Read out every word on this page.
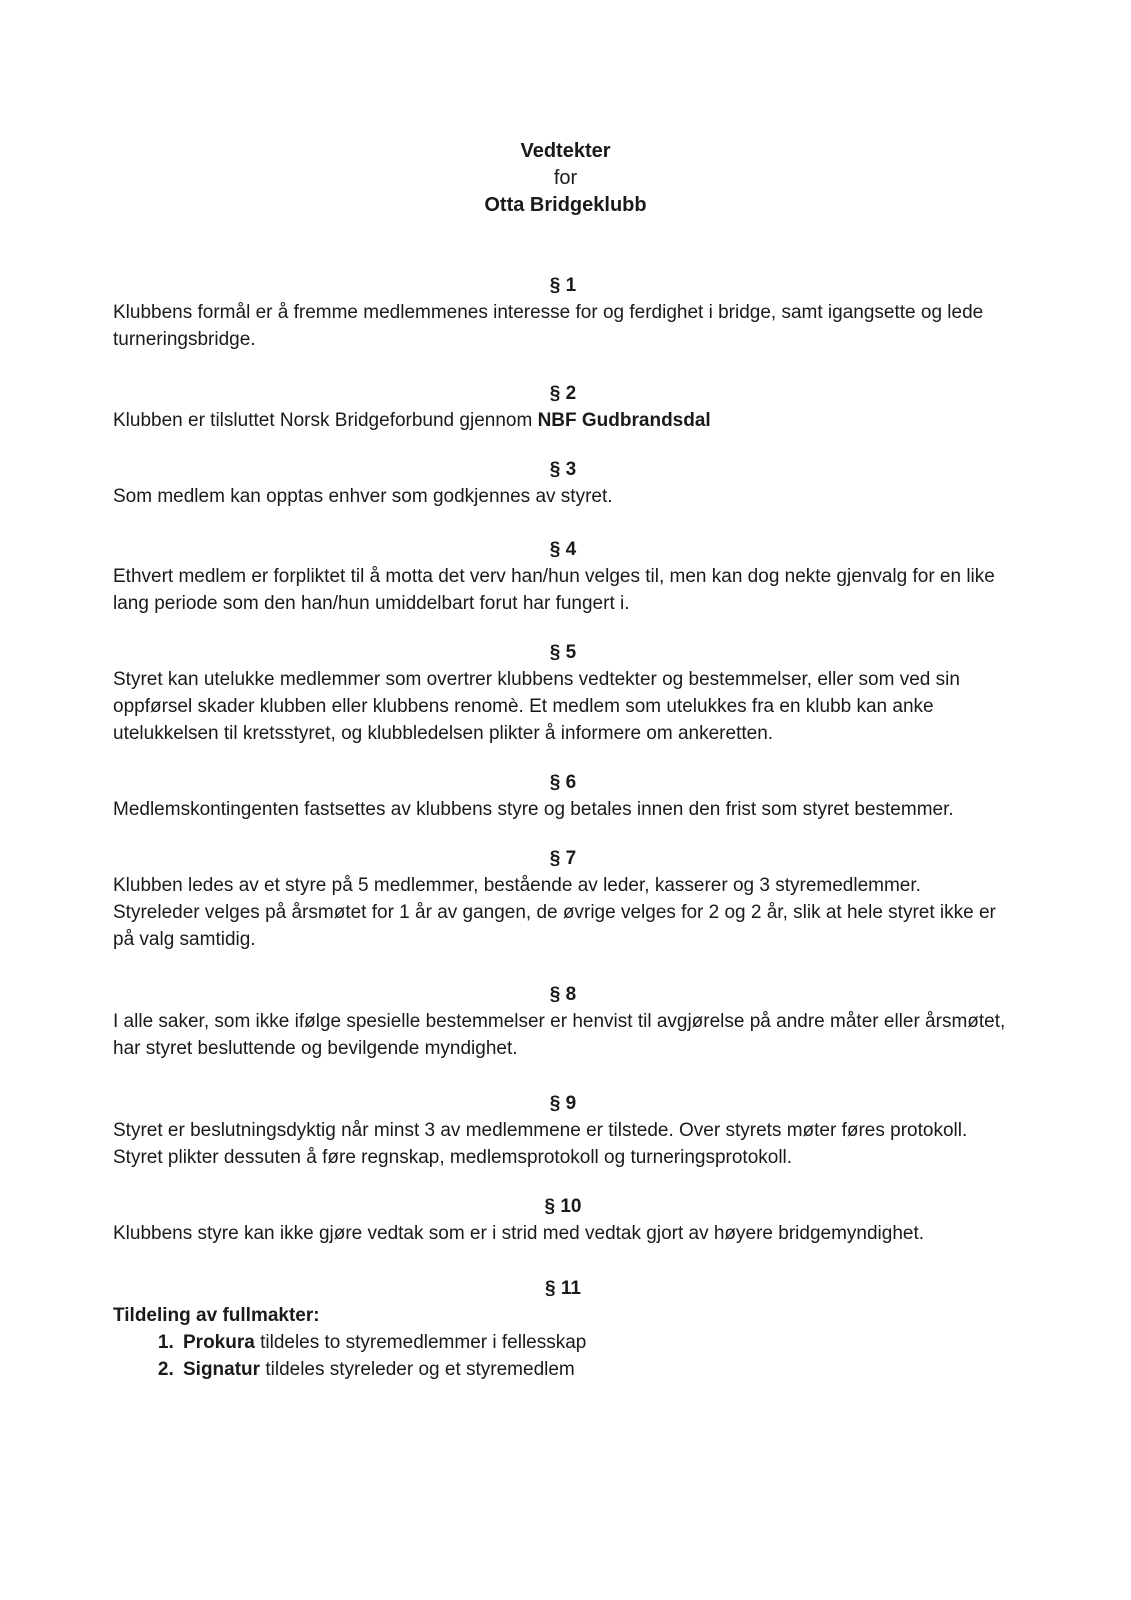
Vedtekter
for
Otta Bridgeklubb

§ 1

Klubbens formål er å fremme medlemmenes interesse for og ferdighet i bridge, samt igangsette og lede turneringsbridge.

§ 2

Klubben er tilsluttet Norsk Bridgeforbund gjennom NBF Gudbrandsdal

§ 3

Som medlem kan opptas enhver som godkjennes av styret.

§ 4

Ethvert medlem er forpliktet til å motta det verv han/hun velges til, men kan dog nekte gjenvalg for en like lang periode som den han/hun umiddelbart forut har fungert i.

§ 5

Styret kan utelukke medlemmer som overtrer klubbens vedtekter og bestemmelser, eller som ved sin oppførsel skader klubben eller klubbens renomè. Et medlem som utelukkes fra en klubb kan anke utelukkelsen til kretsstyret, og klubbledelsen plikter å informere om ankeretten.

§ 6

Medlemskontingenten fastsettes av klubbens styre og betales innen den frist som styret bestemmer.

§ 7

Klubben ledes av et styre på 5 medlemmer, bestående av leder, kasserer og 3 styremedlemmer.

Styreleder velges på årsmøtet for 1 år av gangen, de øvrige velges for 2 og 2 år, slik at hele styret ikke er på valg samtidig.

§ 8

I alle saker, som ikke ifølge spesielle bestemmelser er henvist til avgjørelse på andre måter eller årsmøtet, har styret besluttende og bevilgende myndighet.

§ 9

Styret er beslutningsdyktig når minst 3 av medlemmene er tilstede. Over styrets møter føres protokoll.

Styret plikter dessuten å føre regnskap, medlemsprotokoll og turneringsprotokoll.

§ 10

Klubbens styre kan ikke gjøre vedtak som er i strid med vedtak gjort av høyere bridgemyndighet.

§ 11

Tildeling av fullmakter:

1. Prokura tildeles to styremedlemmer i fellesskap
2. Signatur tildeles styreleder og et styremedlem
